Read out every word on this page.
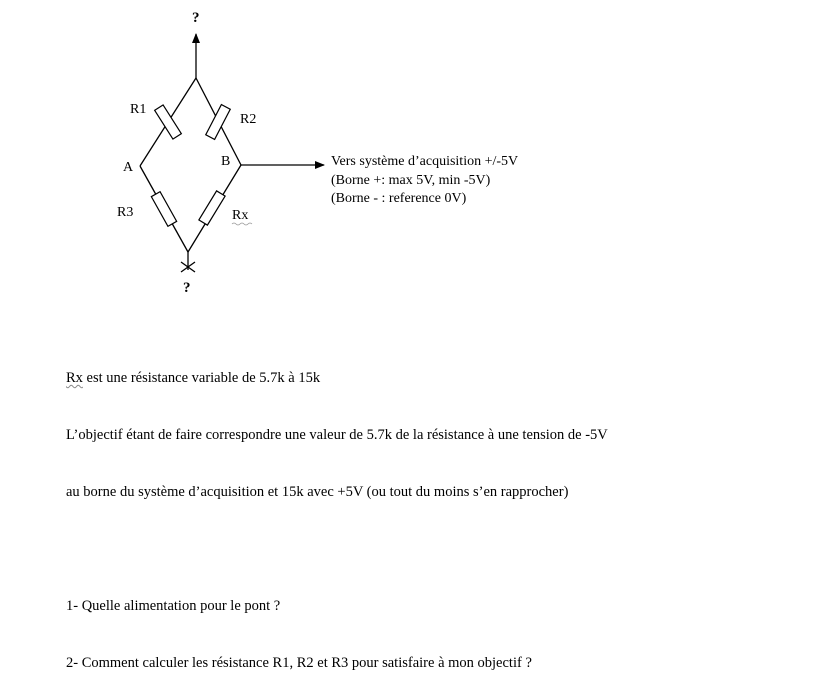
?
R1
R2
R3	Rx
A	B
?
Vers système d’acquisition +/-5V
(Borne +: max 5V, min -5V)
(Borne - : reference 0V)

Rx est une résistance variable de 5.7k à 15k

L’objectif étant de faire correspondre une valeur de 5.7k de la résistance à une tension de -5V

au borne du système d’acquisition et 15k avec +5V (ou tout du moins s’en rapprocher)

1- Quelle alimentation pour le pont ?

2- Comment calculer les résistance R1, R2 et R3 pour satisfaire à mon objectif ?
